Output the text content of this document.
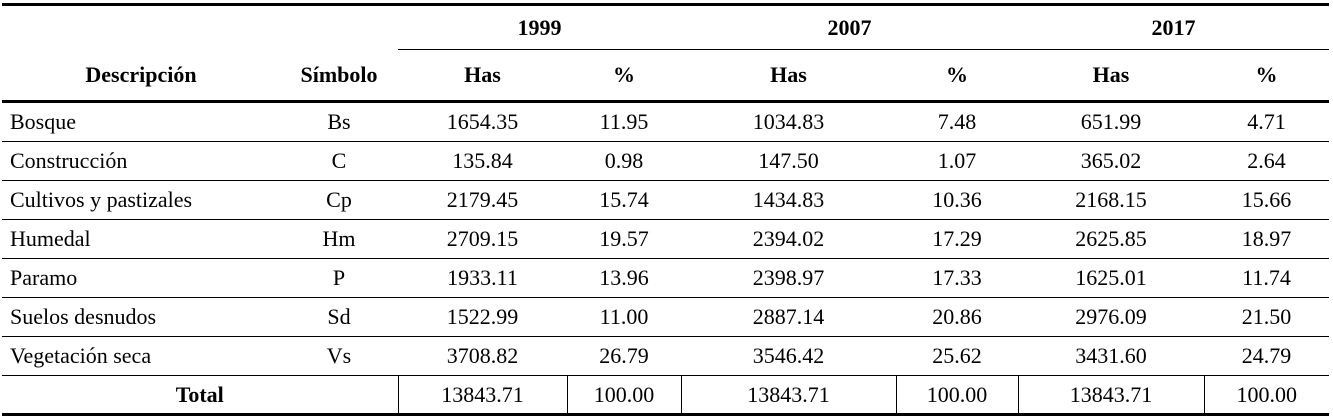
		1999		2007		2017	
Descripción	Símbolo	Has	%	Has	%	Has	%
Bosque	Bs	1654.35	11.95	1034.83	7.48	651.99	4.71
Construcción	C	135.84	0.98	147.50	1.07	365.02	2.64
Cultivos y pastizales	Cp	2179.45	15.74	1434.83	10.36	2168.15	15.66
Humedal	Hm	2709.15	19.57	2394.02	17.29	2625.85	18.97
Paramo	P	1933.11	13.96	2398.97	17.33	1625.01	11.74
Suelos desnudos	Sd	1522.99	11.00	2887.14	20.86	2976.09	21.50
Vegetación seca	Vs	3708.82	26.79	3546.42	25.62	3431.60	24.79
Total		13843.71	100.00	13843.71	100.00	13843.71	100.00
